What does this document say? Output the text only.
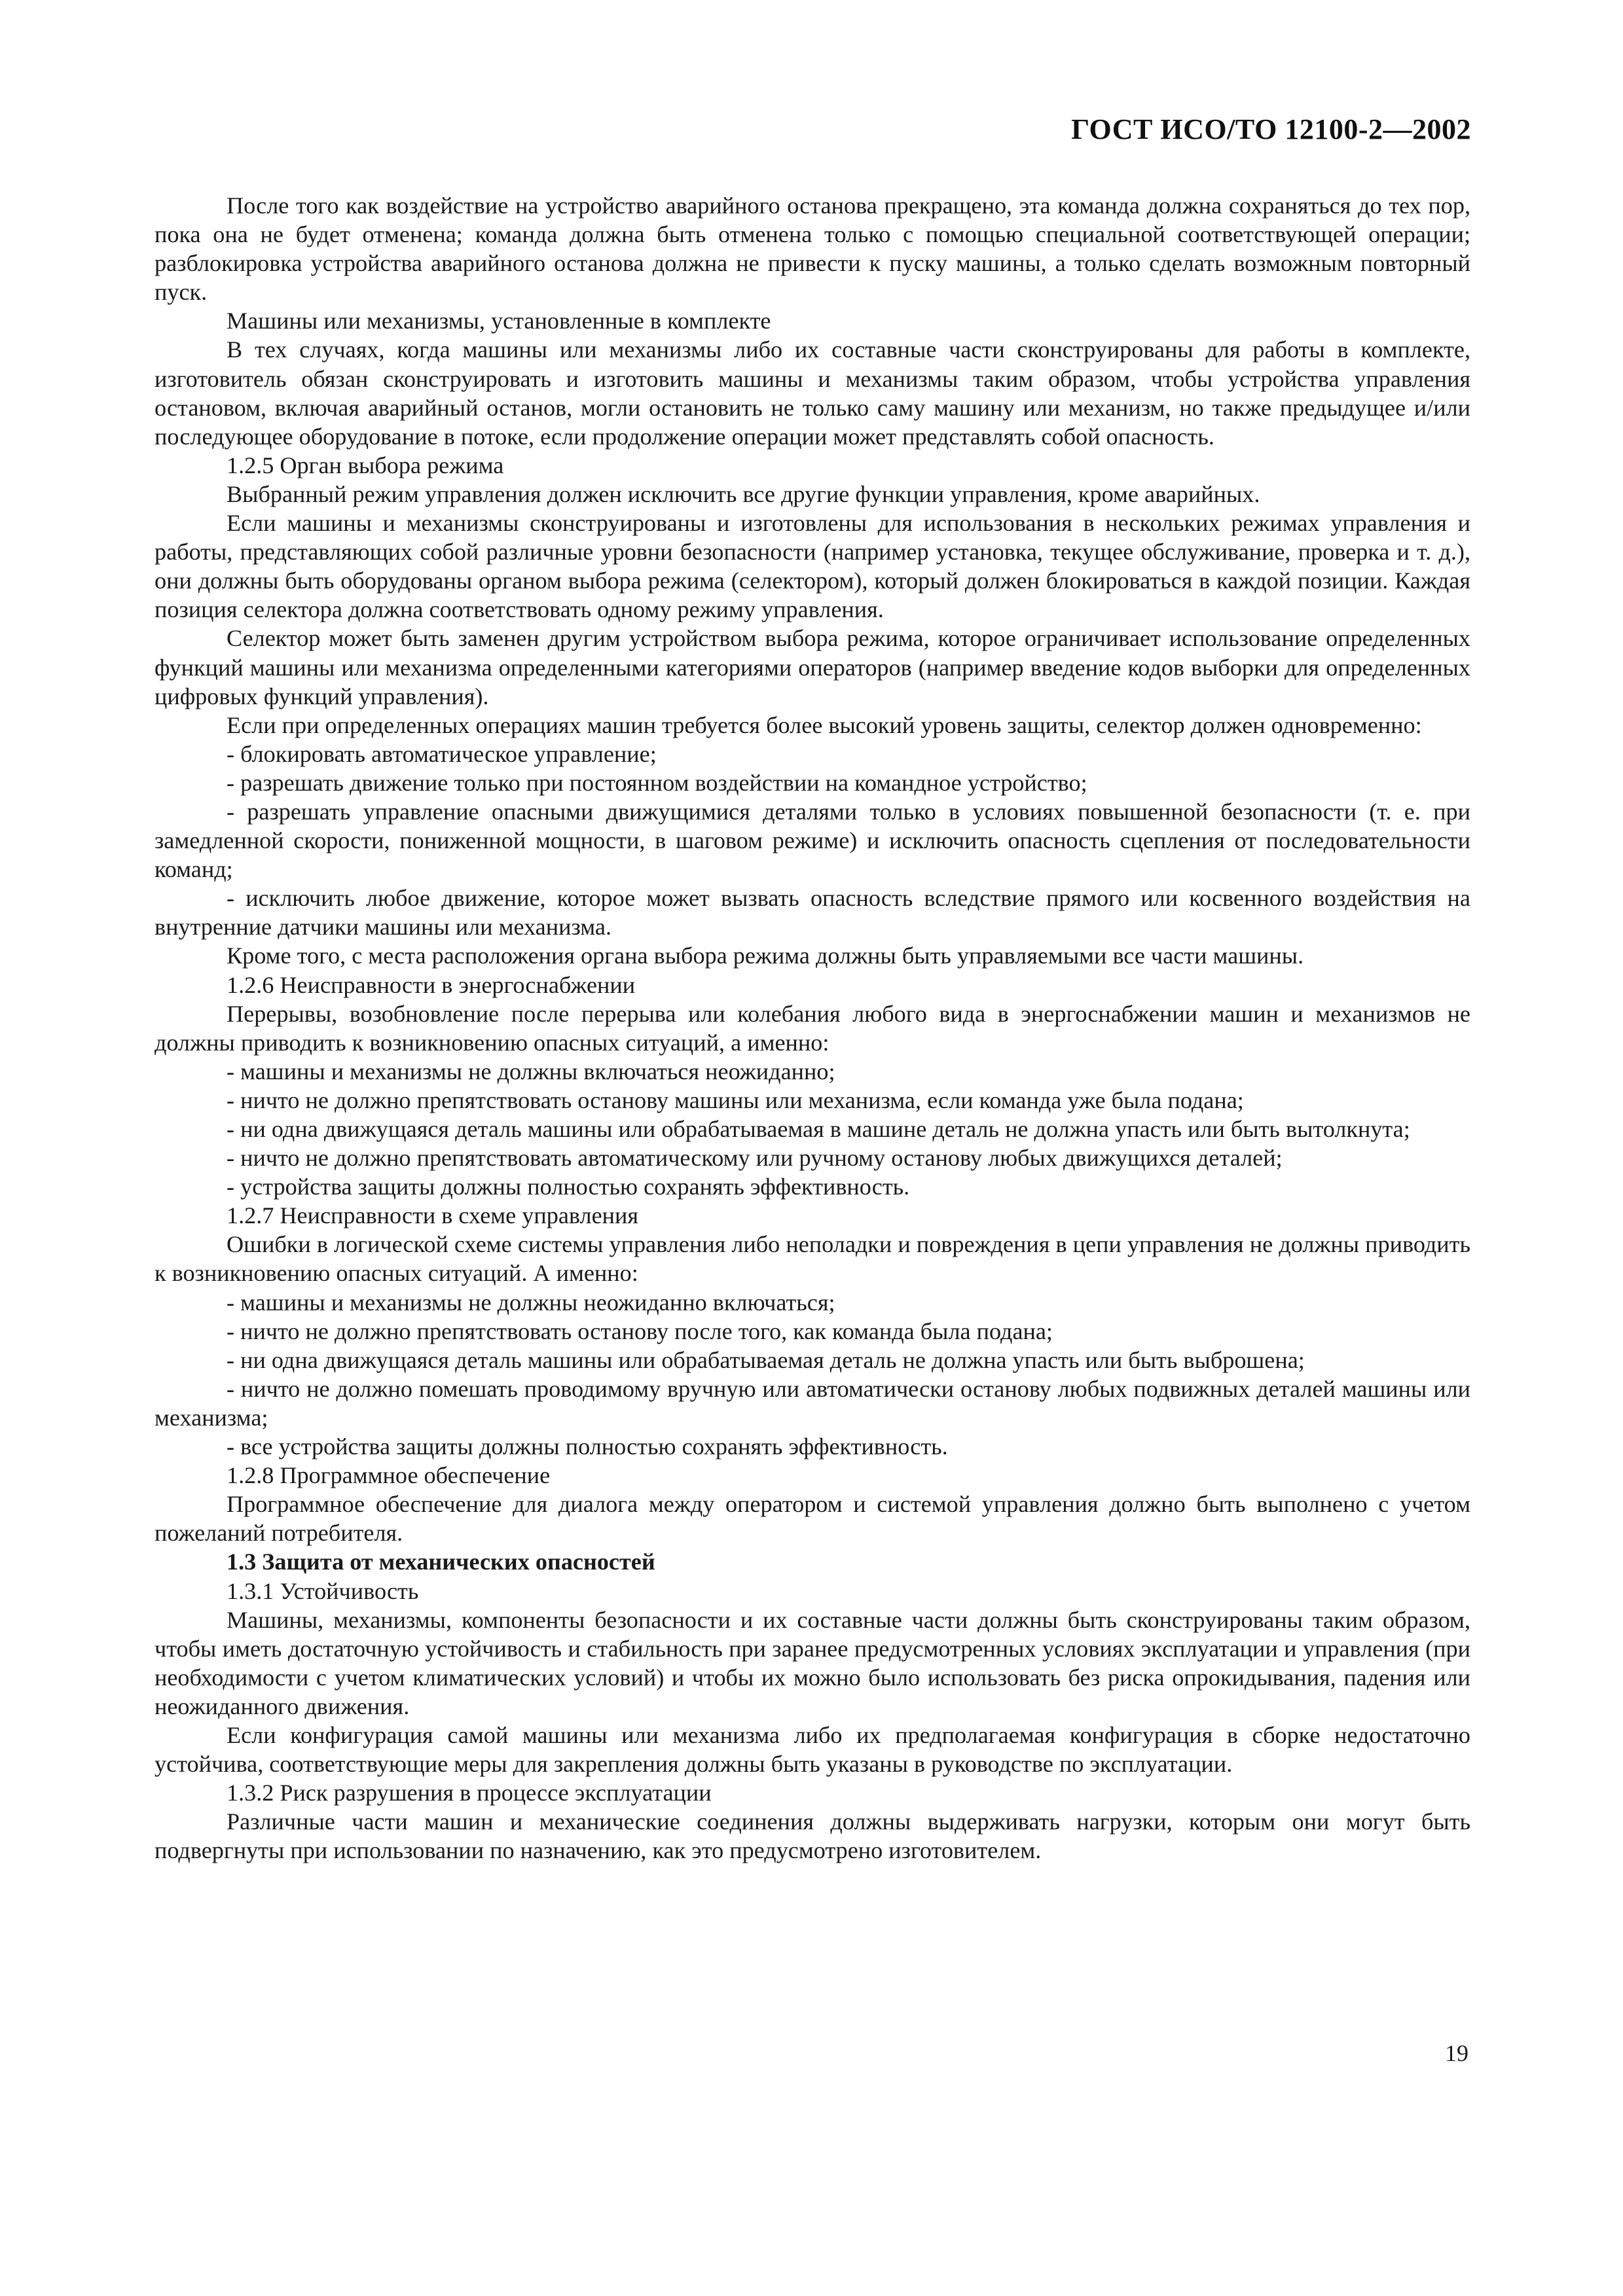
ГОСТ ИСО/ТО 12100-2—2002

После того как воздействие на устройство аварийного останова прекращено, эта команда должна сохраняться до тех пор, пока она не будет отменена; команда должна быть отменена только с помощью специальной соответствующей операции; разблокировка устройства аварийного останова должна не привести к пуску машины, а только сделать возможным повторный пуск.

Машины или механизмы, установленные в комплекте

В тех случаях, когда машины или механизмы либо их составные части сконструированы для работы в комплекте, изготовитель обязан сконструировать и изготовить машины и механизмы таким образом, чтобы устройства управления остановом, включая аварийный останов, могли остановить не только саму машину или механизм, но также предыдущее и/или последующее оборудование в потоке, если продолжение операции может представлять собой опасность.

1.2.5 Орган выбора режима

Выбранный режим управления должен исключить все другие функции управления, кроме аварийных.

Если машины и механизмы сконструированы и изготовлены для использования в нескольких режимах управления и работы, представляющих собой различные уровни безопасности (например установка, текущее обслуживание, проверка и т. д.), они должны быть оборудованы органом выбора режима (селектором), который должен блокироваться в каждой позиции. Каждая позиция селектора должна соответствовать одному режиму управления.

Селектор может быть заменен другим устройством выбора режима, которое ограничивает использование определенных функций машины или механизма определенными категориями операторов (например введение кодов выборки для определенных цифровых функций управления).

Если при определенных операциях машин требуется более высокий уровень защиты, селектор должен одновременно:

- блокировать автоматическое управление;

- разрешать движение только при постоянном воздействии на командное устройство;

- разрешать управление опасными движущимися деталями только в условиях повышенной безопасности (т. е. при замедленной скорости, пониженной мощности, в шаговом режиме) и исключить опасность сцепления от последовательности команд;

- исключить любое движение, которое может вызвать опасность вследствие прямого или косвенного воздействия на внутренние датчики машины или механизма.

Кроме того, с места расположения органа выбора режима должны быть управляемыми все части машины.

1.2.6 Неисправности в энергоснабжении

Перерывы, возобновление после перерыва или колебания любого вида в энергоснабжении машин и механизмов не должны приводить к возникновению опасных ситуаций, а именно:

- машины и механизмы не должны включаться неожиданно;

- ничто не должно препятствовать останову машины или механизма, если команда уже была подана;

- ни одна движущаяся деталь машины или обрабатываемая в машине деталь не должна упасть или быть вытолкнута;

- ничто не должно препятствовать автоматическому или ручному останову любых движущихся деталей;

- устройства защиты должны полностью сохранять эффективность.

1.2.7 Неисправности в схеме управления

Ошибки в логической схеме системы управления либо неполадки и повреждения в цепи управления не должны приводить к возникновению опасных ситуаций. А именно:

- машины и механизмы не должны неожиданно включаться;

- ничто не должно препятствовать останову после того, как команда была подана;

- ни одна движущаяся деталь машины или обрабатываемая деталь не должна упасть или быть выброшена;

- ничто не должно помешать проводимому вручную или автоматически останову любых подвижных деталей машины или механизма;

- все устройства защиты должны полностью сохранять эффективность.

1.2.8 Программное обеспечение

Программное обеспечение для диалога между оператором и системой управления должно быть выполнено с учетом пожеланий потребителя.

1.3 Защита от механических опасностей

1.3.1 Устойчивость

Машины, механизмы, компоненты безопасности и их составные части должны быть сконструированы таким образом, чтобы иметь достаточную устойчивость и стабильность при заранее предусмотренных условиях эксплуатации и управления (при необходимости с учетом климатических условий) и чтобы их можно было использовать без риска опрокидывания, падения или неожиданного движения.

Если конфигурация самой машины или механизма либо их предполагаемая конфигурация в сборке недостаточно устойчива, соответствующие меры для закрепления должны быть указаны в руководстве по эксплуатации.

1.3.2 Риск разрушения в процессе эксплуатации

Различные части машин и механические соединения должны выдерживать нагрузки, которым они могут быть подвергнуты при использовании по назначению, как это предусмотрено изготовителем.

19
